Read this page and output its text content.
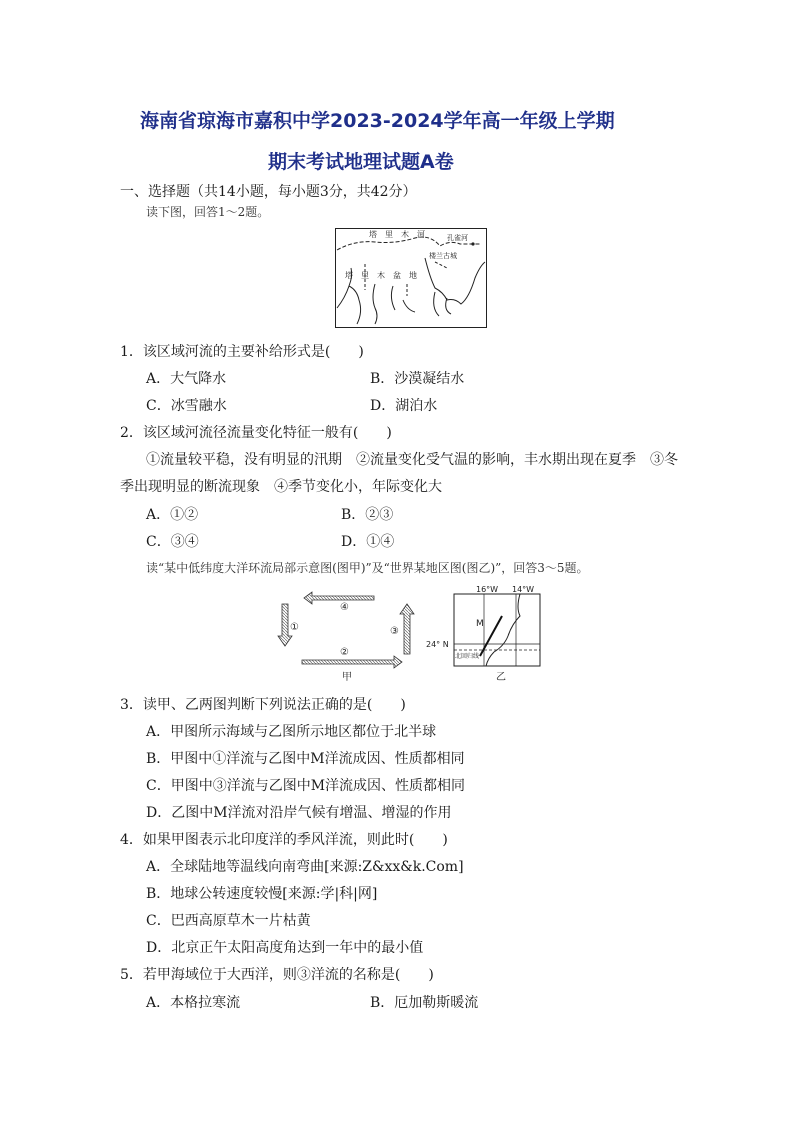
海南省琼海市嘉积中学2023-2024学年高一年级上学期
期末考试地理试题A卷
一、选择题（共14小题，每小题3分，共42分）
读下图，回答1～2题。
塔　里　木　河	孔雀河
楼兰古城
塔　里　木　盆　地
1．该区域河流的主要补给形式是(　　)
A．大气降水	B．沙漠凝结水
C．冰雪融水	D．湖泊水
2．该区域河流径流量变化特征一般有(　　)
①流量较平稳，没有明显的汛期　②流量变化受气温的影响，丰水期出现在夏季　③冬
季出现明显的断流现象　④季节变化小，年际变化大
A．①②	B．②③
C．③④	D．①④
读“某中低纬度大洋环流局部示意图(图甲)”及“世界某地区图(图乙)”，回答3～5题。
④
②
①	③
甲
16°W 14°W
24° N
北回归线
M
乙
3．读甲、乙两图判断下列说法正确的是(　　)
A．甲图所示海域与乙图所示地区都位于北半球
B．甲图中①洋流与乙图中M洋流成因、性质都相同
C．甲图中③洋流与乙图中M洋流成因、性质都相同
D．乙图中M洋流对沿岸气候有增温、增湿的作用
4．如果甲图表示北印度洋的季风洋流，则此时(　　)
A．全球陆地等温线向南弯曲[来源:Z&xx&k.Com]
B．地球公转速度较慢[来源:学|科|网]
C．巴西高原草木一片枯黄
D．北京正午太阳高度角达到一年中的最小值
5．若甲海域位于大西洋，则③洋流的名称是(　　)
A．本格拉寒流	B．厄加勒斯暖流
